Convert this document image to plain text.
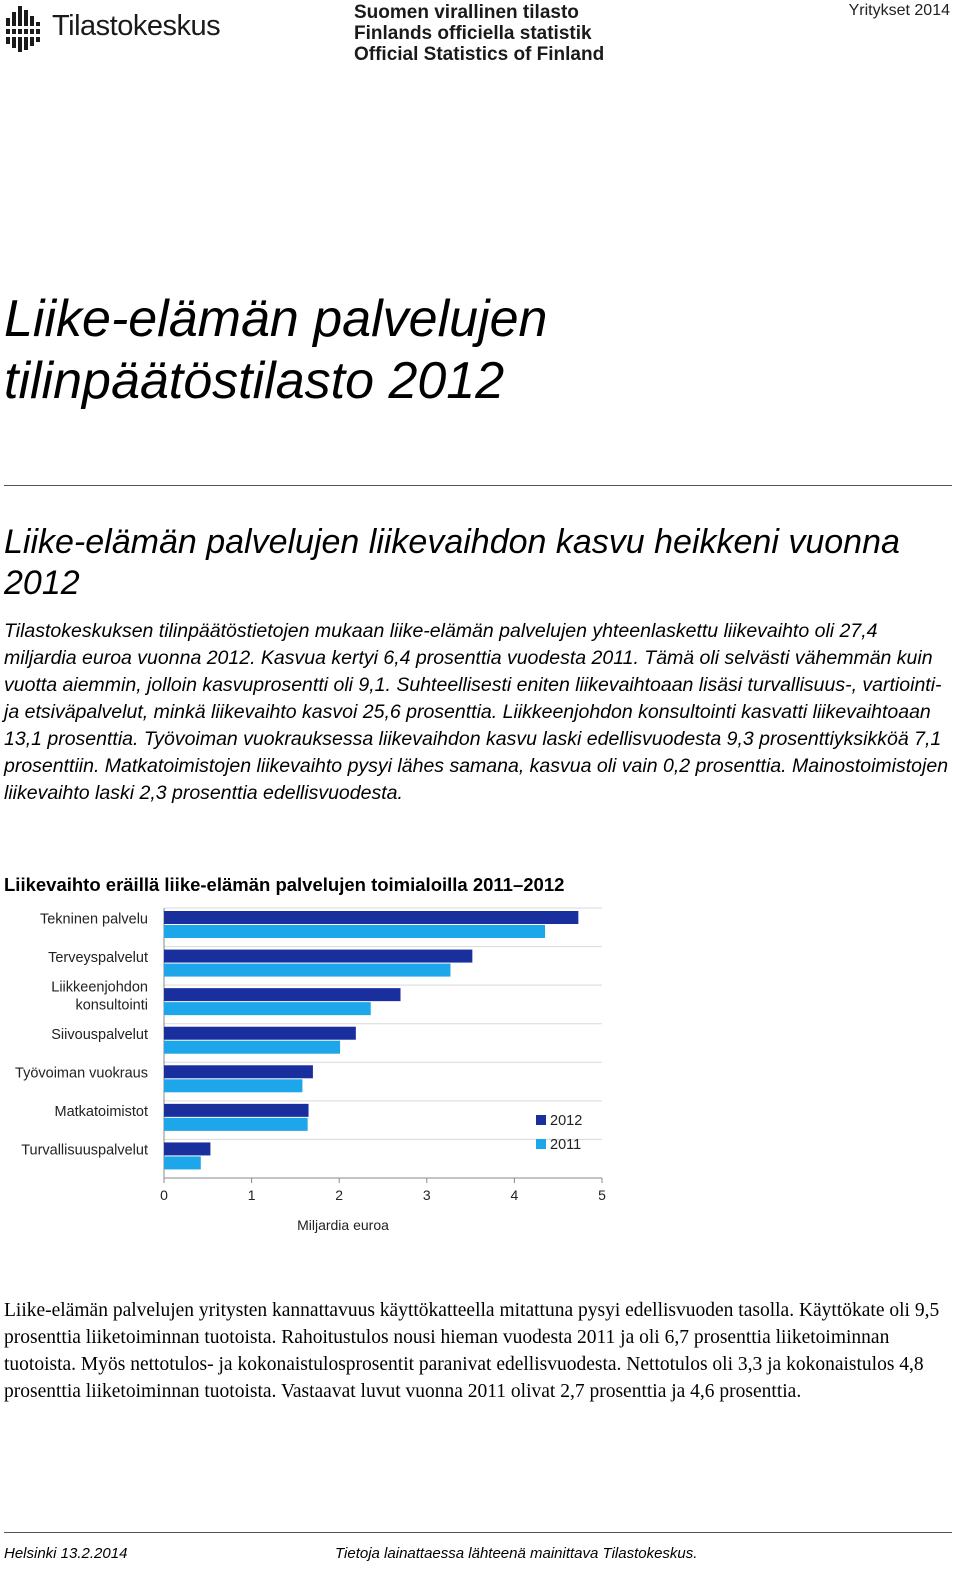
Tilastokeskus	Suomen virallinen tilasto
Finlands officiella statistik
Official Statistics of Finland
Yritykset 2014
Liike-elämän palvelujen
tilinpäätöstilasto 2012
Liike-elämän palvelujen liikevaihdon kasvu heikkeni vuonna 2012
Tilastokeskuksen tilinpäätöstietojen mukaan liike-elämän palvelujen yhteenlaskettu liikevaihto oli 27,4 miljardia euroa vuonna 2012. Kasvua kertyi 6,4 prosenttia vuodesta 2011. Tämä oli selvästi vähemmän kuin vuotta aiemmin, jolloin kasvuprosentti oli 9,1. Suhteellisesti eniten liikevaihtoaan lisäsi turvallisuus-, vartiointi- ja etsiväpalvelut, minkä liikevaihto kasvoi 25,6 prosenttia. Liikkeenjohdon konsultointi kasvatti liikevaihtoaan 13,1 prosenttia. Työvoiman vuokrauksessa liikevaihdon kasvu laski edellisvuodesta 9,3 prosenttiyksikköä 7,1 prosenttiin. Matkatoimistojen liikevaihto pysyi lähes samana, kasvua oli vain 0,2 prosenttia. Mainostoimistojen liikevaihto laski 2,3 prosenttia edellisvuodesta.
Liikevaihto eräillä liike-elämän palvelujen toimialoilla 2011–2012
Tekninen palvelu
Terveyspalvelut
Liikkeenjohdon
konsultointi
Siivouspalvelut
Työvoiman vuokraus
Matkatoimistot
Turvallisuuspalvelut
0	1	2	3	4	5
Miljardia euroa
2012
2011
Liike-elämän palvelujen yritysten kannattavuus käyttökatteella mitattuna pysyi edellisvuoden tasolla. Käyttökate oli 9,5 prosenttia liiketoiminnan tuotoista. Rahoitustulos nousi hieman vuodesta 2011 ja oli 6,7 prosenttia liiketoiminnan tuotoista. Myös nettotulos- ja kokonaistulosprosentit paranivat edellisvuodesta. Nettotulos oli 3,3 ja kokonaistulos 4,8 prosenttia liiketoiminnan tuotoista. Vastaavat luvut vuonna 2011 olivat 2,7 prosenttia ja 4,6 prosenttia.
Helsinki 13.2.2014	Tietoja lainattaessa lähteenä mainittava Tilastokeskus.
